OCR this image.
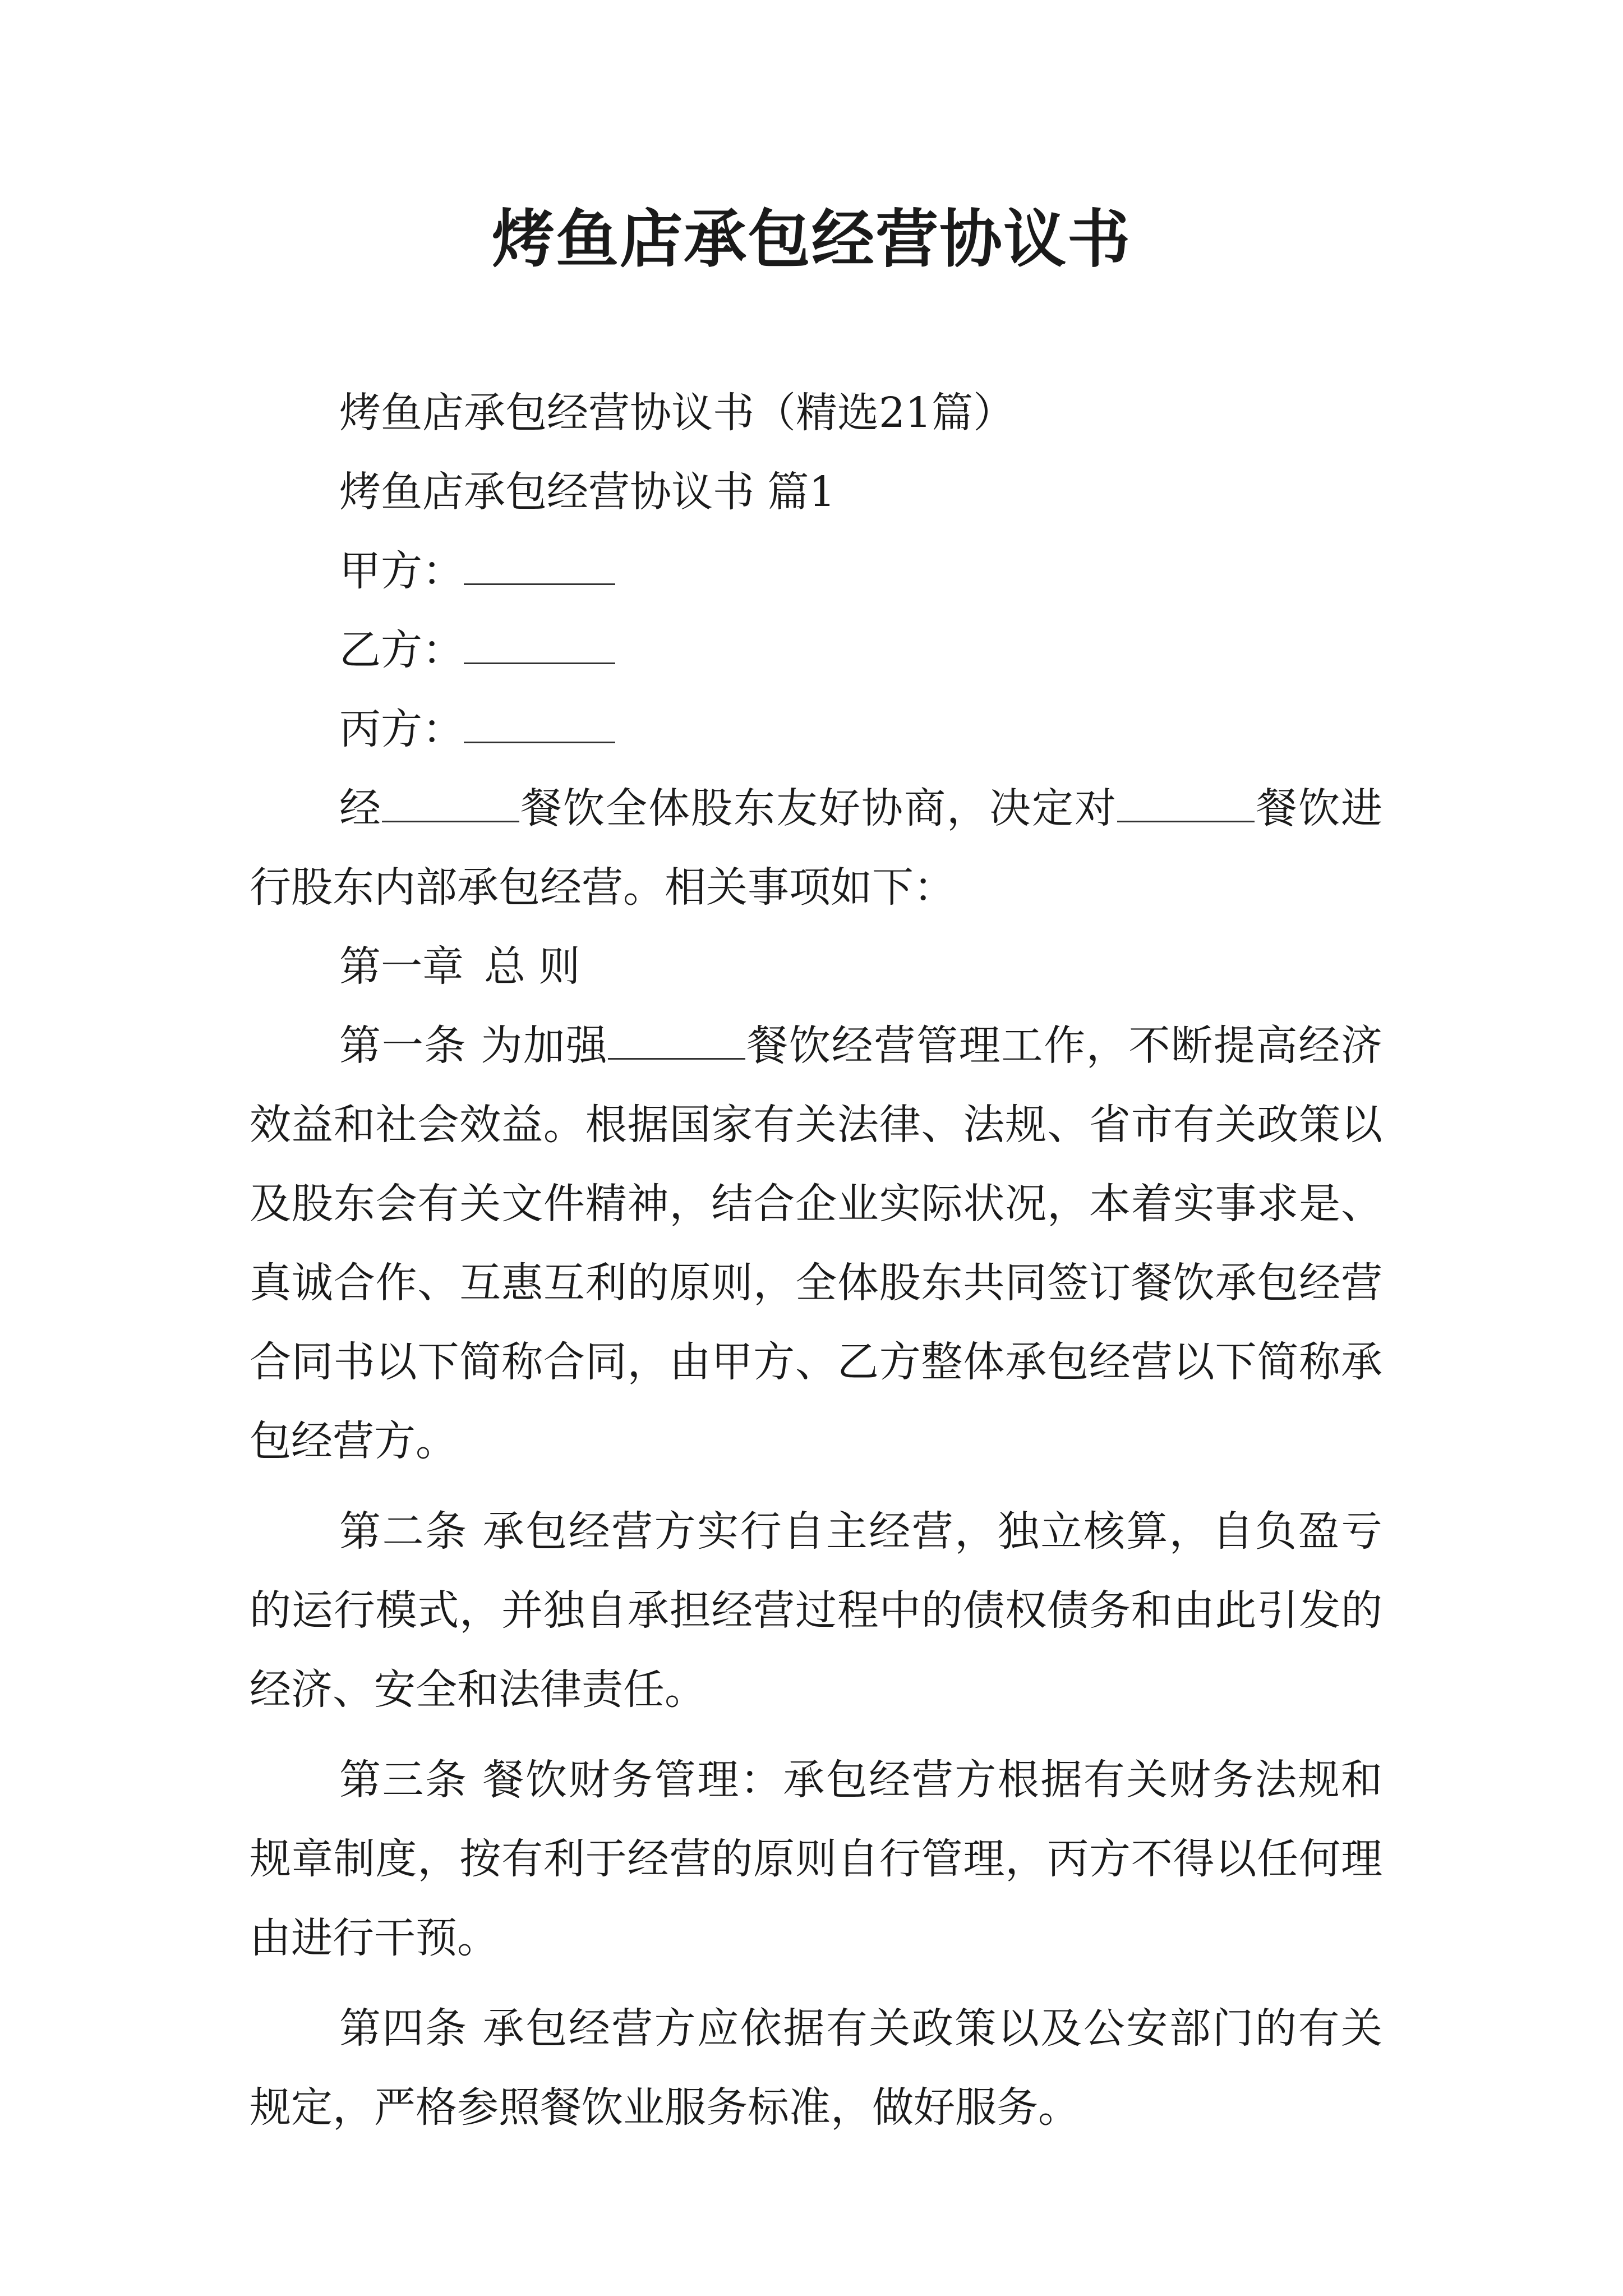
烤鱼店承包经营协议书

烤鱼店承包经营协议书（精选21篇）

烤鱼店承包经营协议书 篇1

甲方：

乙方：

丙方：

经	餐饮全体股东友好协商，决定对	餐饮进行股东内部承包经营。相关事项如下：

第一章 总 则

第一条 为加强	餐饮经营管理工作，不断提高经济效益和社会效益。根据国家有关法律、法规、省市有关政策以及股东会有关文件精神，结合企业实际状况，本着实事求是、真诚合作、互惠互利的原则，全体股东共同签订餐饮承包经营合同书以下简称合同，由甲方、乙方整体承包经营以下简称承包经营方。

第二条 承包经营方实行自主经营，独立核算，自负盈亏的运行模式，并独自承担经营过程中的债权债务和由此引发的经济、安全和法律责任。

第三条 餐饮财务管理：承包经营方根据有关财务法规和规章制度，按有利于经营的原则自行管理，丙方不得以任何理由进行干预。

第四条 承包经营方应依据有关政策以及公安部门的有关规定，严格参照餐饮业服务标准，做好服务。
